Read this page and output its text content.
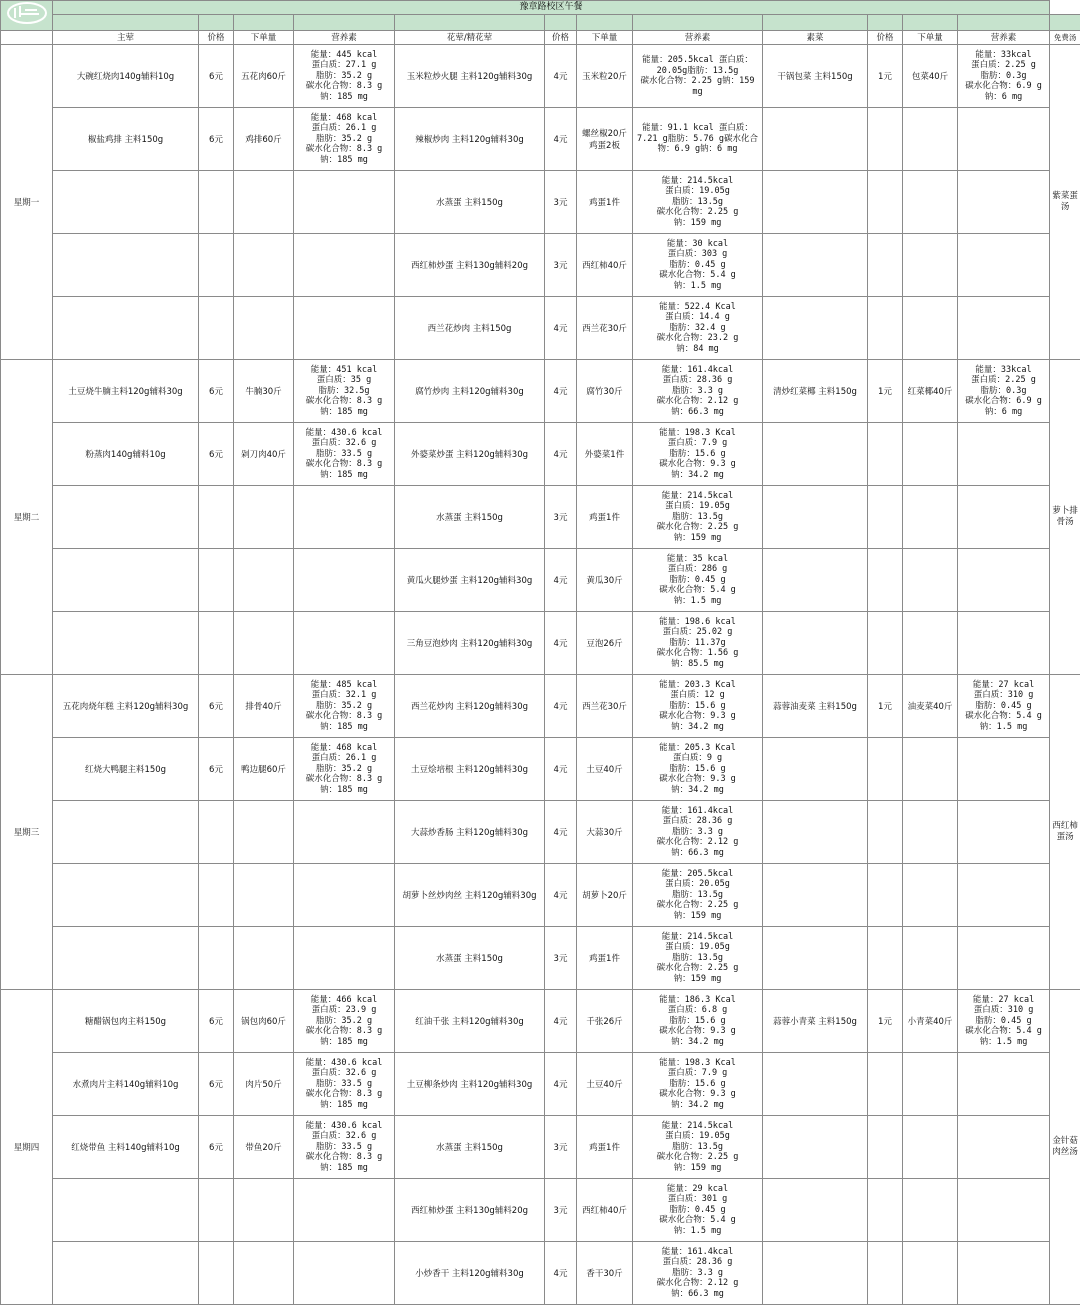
	豫章路校区午餐												

	主荤	价格	下单量	营养素	花荤/精花荤	价格	下单量	营养素	素菜	价格	下单量	营养素	免费汤
星期一	大碗红烧肉140g辅料10g	6元	五花肉60斤	能量：445 kcal
蛋白质：27.1 g
脂肪：35.2 g
碳水化合物：8.3 g
钠：185 mg	玉米粒炒火腿 主料120g辅料30g	4元	玉米粒20斤	能量：205.5kcal 蛋白质：
20.05g脂肪：13.5g
碳水化合物：2.25 g钠：159
mg	干锅包菜 主料150g	1元	包菜40斤	能量：33kcal
蛋白质：2.25 g
脂肪：0.3g
碳水化合物：6.9 g
钠：6 mg	紫菜蛋汤
	椒盐鸡排 主料150g	6元	鸡排60斤	能量：468 kcal
蛋白质：26.1 g
脂肪：35.2 g
碳水化合物：8.3 g
钠：185 mg	辣椒炒肉 主料120g辅料30g	4元	螺丝椒20斤 鸡蛋2板	能量：91.1 kcal 蛋白质：
7.21 g脂肪：5.76 g碳水化合
物：6.9 g钠：6 mg					

					水蒸蛋 主料150g	3元	鸡蛋1件	能量：214.5kcal
蛋白质：19.05g
脂肪：13.5g
碳水化合物：2.25 g
钠：159 mg					

					西红柿炒蛋 主料130g辅料20g	3元	西红柿40斤	能量：30 kcal
蛋白质：303 g
脂肪：0.45 g
碳水化合物：5.4 g
钠：1.5 mg					

					西兰花炒肉 主料150g	4元	西兰花30斤	能量：522.4 Kcal
蛋白质：14.4 g
脂肪：32.4 g
碳水化合物：23.2 g
钠：84 mg					

星期二	土豆烧牛腩主料120g辅料30g	6元	牛腩30斤	能量：451 kcal
蛋白质：35 g
脂肪：32.5g
碳水化合物：8.3 g
钠：185 mg	腐竹炒肉 主料120g辅料30g	4元	腐竹30斤	能量：161.4kcal
蛋白质：28.36 g
脂肪：3.3 g
碳水化合物：2.12 g
钠：66.3 mg	清炒红菜椰 主料150g	1元	红菜椰40斤	能量：33kcal
蛋白质：2.25 g
脂肪：0.3g
碳水化合物：6.9 g
钠：6 mg	萝卜排骨汤
	粉蒸肉140g辅料10g	6元	剁刀肉40斤	能量：430.6 kcal
蛋白质：32.6 g
脂肪：33.5 g
碳水化合物：8.3 g
钠：185 mg	外婆菜炒蛋 主料120g辅料30g	4元	外婆菜1件	能量：198.3 Kcal
蛋白质：7.9 g
脂肪：15.6 g
碳水化合物：9.3 g
钠：34.2 mg					

					水蒸蛋 主料150g	3元	鸡蛋1件	能量：214.5kcal
蛋白质：19.05g
脂肪：13.5g
碳水化合物：2.25 g
钠：159 mg					

					黄瓜火腿炒蛋 主料120g辅料30g	4元	黄瓜30斤	能量：35 kcal
蛋白质：286 g
脂肪：0.45 g
碳水化合物：5.4 g
钠：1.5 mg					

					三角豆泡炒肉 主料120g辅料30g	4元	豆泡26斤	能量：198.6 kcal
蛋白质：25.02 g
脂肪：11.37g
碳水化合物：1.56 g
钠：85.5 mg					

星期三	五花肉烧年糕 主料120g辅料30g	6元	排骨40斤	能量：485 kcal
蛋白质：32.1 g
脂肪：35.2 g
碳水化合物：8.3 g
钠：185 mg	西兰花炒肉 主料120g辅料30g	4元	西兰花30斤	能量：203.3 Kcal
蛋白质：12 g
脂肪：15.6 g
碳水化合物：9.3 g
钠：34.2 mg	蒜蓉油麦菜 主料150g	1元	油麦菜40斤	能量：27 kcal
蛋白质：310 g
脂肪：0.45 g
碳水化合物：5.4 g
钠：1.5 mg	西红柿蛋汤
	红烧大鸭腿主料150g	6元	鸭边腿60斤	能量：468 kcal
蛋白质：26.1 g
脂肪：35.2 g
碳水化合物：8.3 g
钠：185 mg	土豆烩培根 主料120g辅料30g	4元	土豆40斤	能量：205.3 Kcal
蛋白质：9 g
脂肪：15.6 g
碳水化合物：9.3 g
钠：34.2 mg					

					大蒜炒香肠 主料120g辅料30g	4元	大蒜30斤	能量：161.4kcal
蛋白质：28.36 g
脂肪：3.3 g
碳水化合物：2.12 g
钠：66.3 mg					

					胡萝卜丝炒肉丝 主料120g辅料30g	4元	胡萝卜20斤	能量：205.5kcal
蛋白质：20.05g
脂肪：13.5g
碳水化合物：2.25 g
钠：159 mg					

					水蒸蛋 主料150g	3元	鸡蛋1件	能量：214.5kcal
蛋白质：19.05g
脂肪：13.5g
碳水化合物：2.25 g
钠：159 mg					

星期四	糖醋锅包肉主料150g	6元	锅包肉60斤	能量：466 kcal
蛋白质：23.9 g
脂肪：35.2 g
碳水化合物：8.3 g
钠：185 mg	红油千张 主料120g辅料30g	4元	千张26斤	能量：186.3 Kcal
蛋白质：6.8 g
脂肪：15.6 g
碳水化合物：9.3 g
钠：34.2 mg	蒜蓉小青菜 主料150g	1元	小青菜40斤	能量：27 kcal
蛋白质：310 g
脂肪：0.45 g
碳水化合物：5.4 g
钠：1.5 mg	金针菇肉丝汤
	水煮肉片主料140g辅料10g	6元	肉片50斤	能量：430.6 kcal
蛋白质：32.6 g
脂肪：33.5 g
碳水化合物：8.3 g
钠：185 mg	土豆柳条炒肉 主料120g辅料30g	4元	土豆40斤	能量：198.3 Kcal
蛋白质：7.9 g
脂肪：15.6 g
碳水化合物：9.3 g
钠：34.2 mg					

	红烧带鱼 主料140g辅料10g	6元	带鱼20斤	能量：430.6 kcal
蛋白质：32.6 g
脂肪：33.5 g
碳水化合物：8.3 g
钠：185 mg	水蒸蛋 主料150g	3元	鸡蛋1件	能量：214.5kcal
蛋白质：19.05g
脂肪：13.5g
碳水化合物：2.25 g
钠：159 mg					

					西红柿炒蛋 主料130g辅料20g	3元	西红柿40斤	能量：29 kcal
蛋白质：301 g
脂肪：0.45 g
碳水化合物：5.4 g
钠：1.5 mg					

					小炒香干 主料120g辅料30g	4元	香干30斤	能量：161.4kcal
蛋白质：28.36 g
脂肪：3.3 g
碳水化合物：2.12 g
钠：66.3 mg					
